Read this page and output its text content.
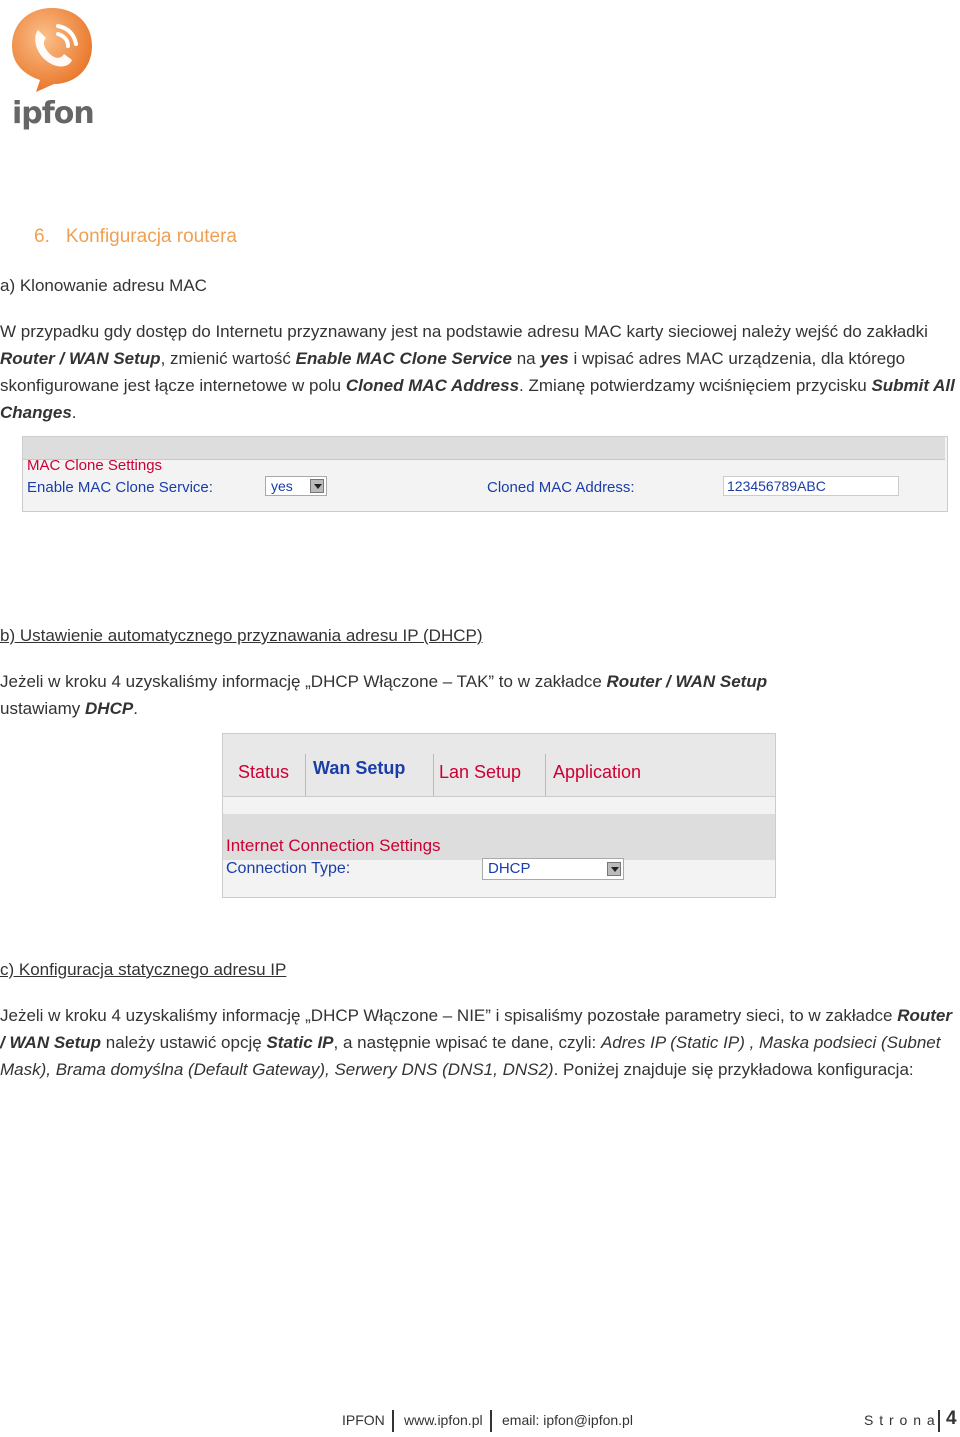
ipfon
6. Konfiguracja routera
a) Klonowanie adresu MAC
W przypadku gdy dostęp do Internetu przyznawany jest na podstawie adresu MAC karty sieciowej należy wejść do zakładki Router / WAN Setup, zmienić wartość Enable MAC Clone Service na yes i wpisać adres MAC urządzenia, dla którego skonfigurowane jest łącze internetowe w polu Cloned MAC Address. Zmianę potwierdzamy wciśnięciem przycisku Submit All Changes.
MAC Clone Settings
Enable MAC Clone Service:	yes	Cloned MAC Address:	123456789ABC
b) Ustawienie automatycznego przyznawania adresu IP (DHCP)
Jeżeli w kroku 4 uzyskaliśmy informację „DHCP Włączone – TAK” to w zakładce Router / WAN Setup
ustawiamy DHCP.
Status Wan Setup Lan Setup Application
Internet Connection Settings
Connection Type:	DHCP
c) Konfiguracja statycznego adresu IP
Jeżeli w kroku 4 uzyskaliśmy informację „DHCP Włączone – NIE” i spisaliśmy pozostałe parametry sieci, to w zakładce Router / WAN Setup należy ustawić opcję Static IP, a następnie wpisać te dane, czyli: Adres IP (Static IP) , Maska podsieci (Subnet Mask), Brama domyślna (Default Gateway), Serwery DNS (DNS1, DNS2). Poniżej znajduje się przykładowa konfiguracja:
IPFON www.ipfon.pl email: ipfon@ipfon.pl	S t r o n a 4
